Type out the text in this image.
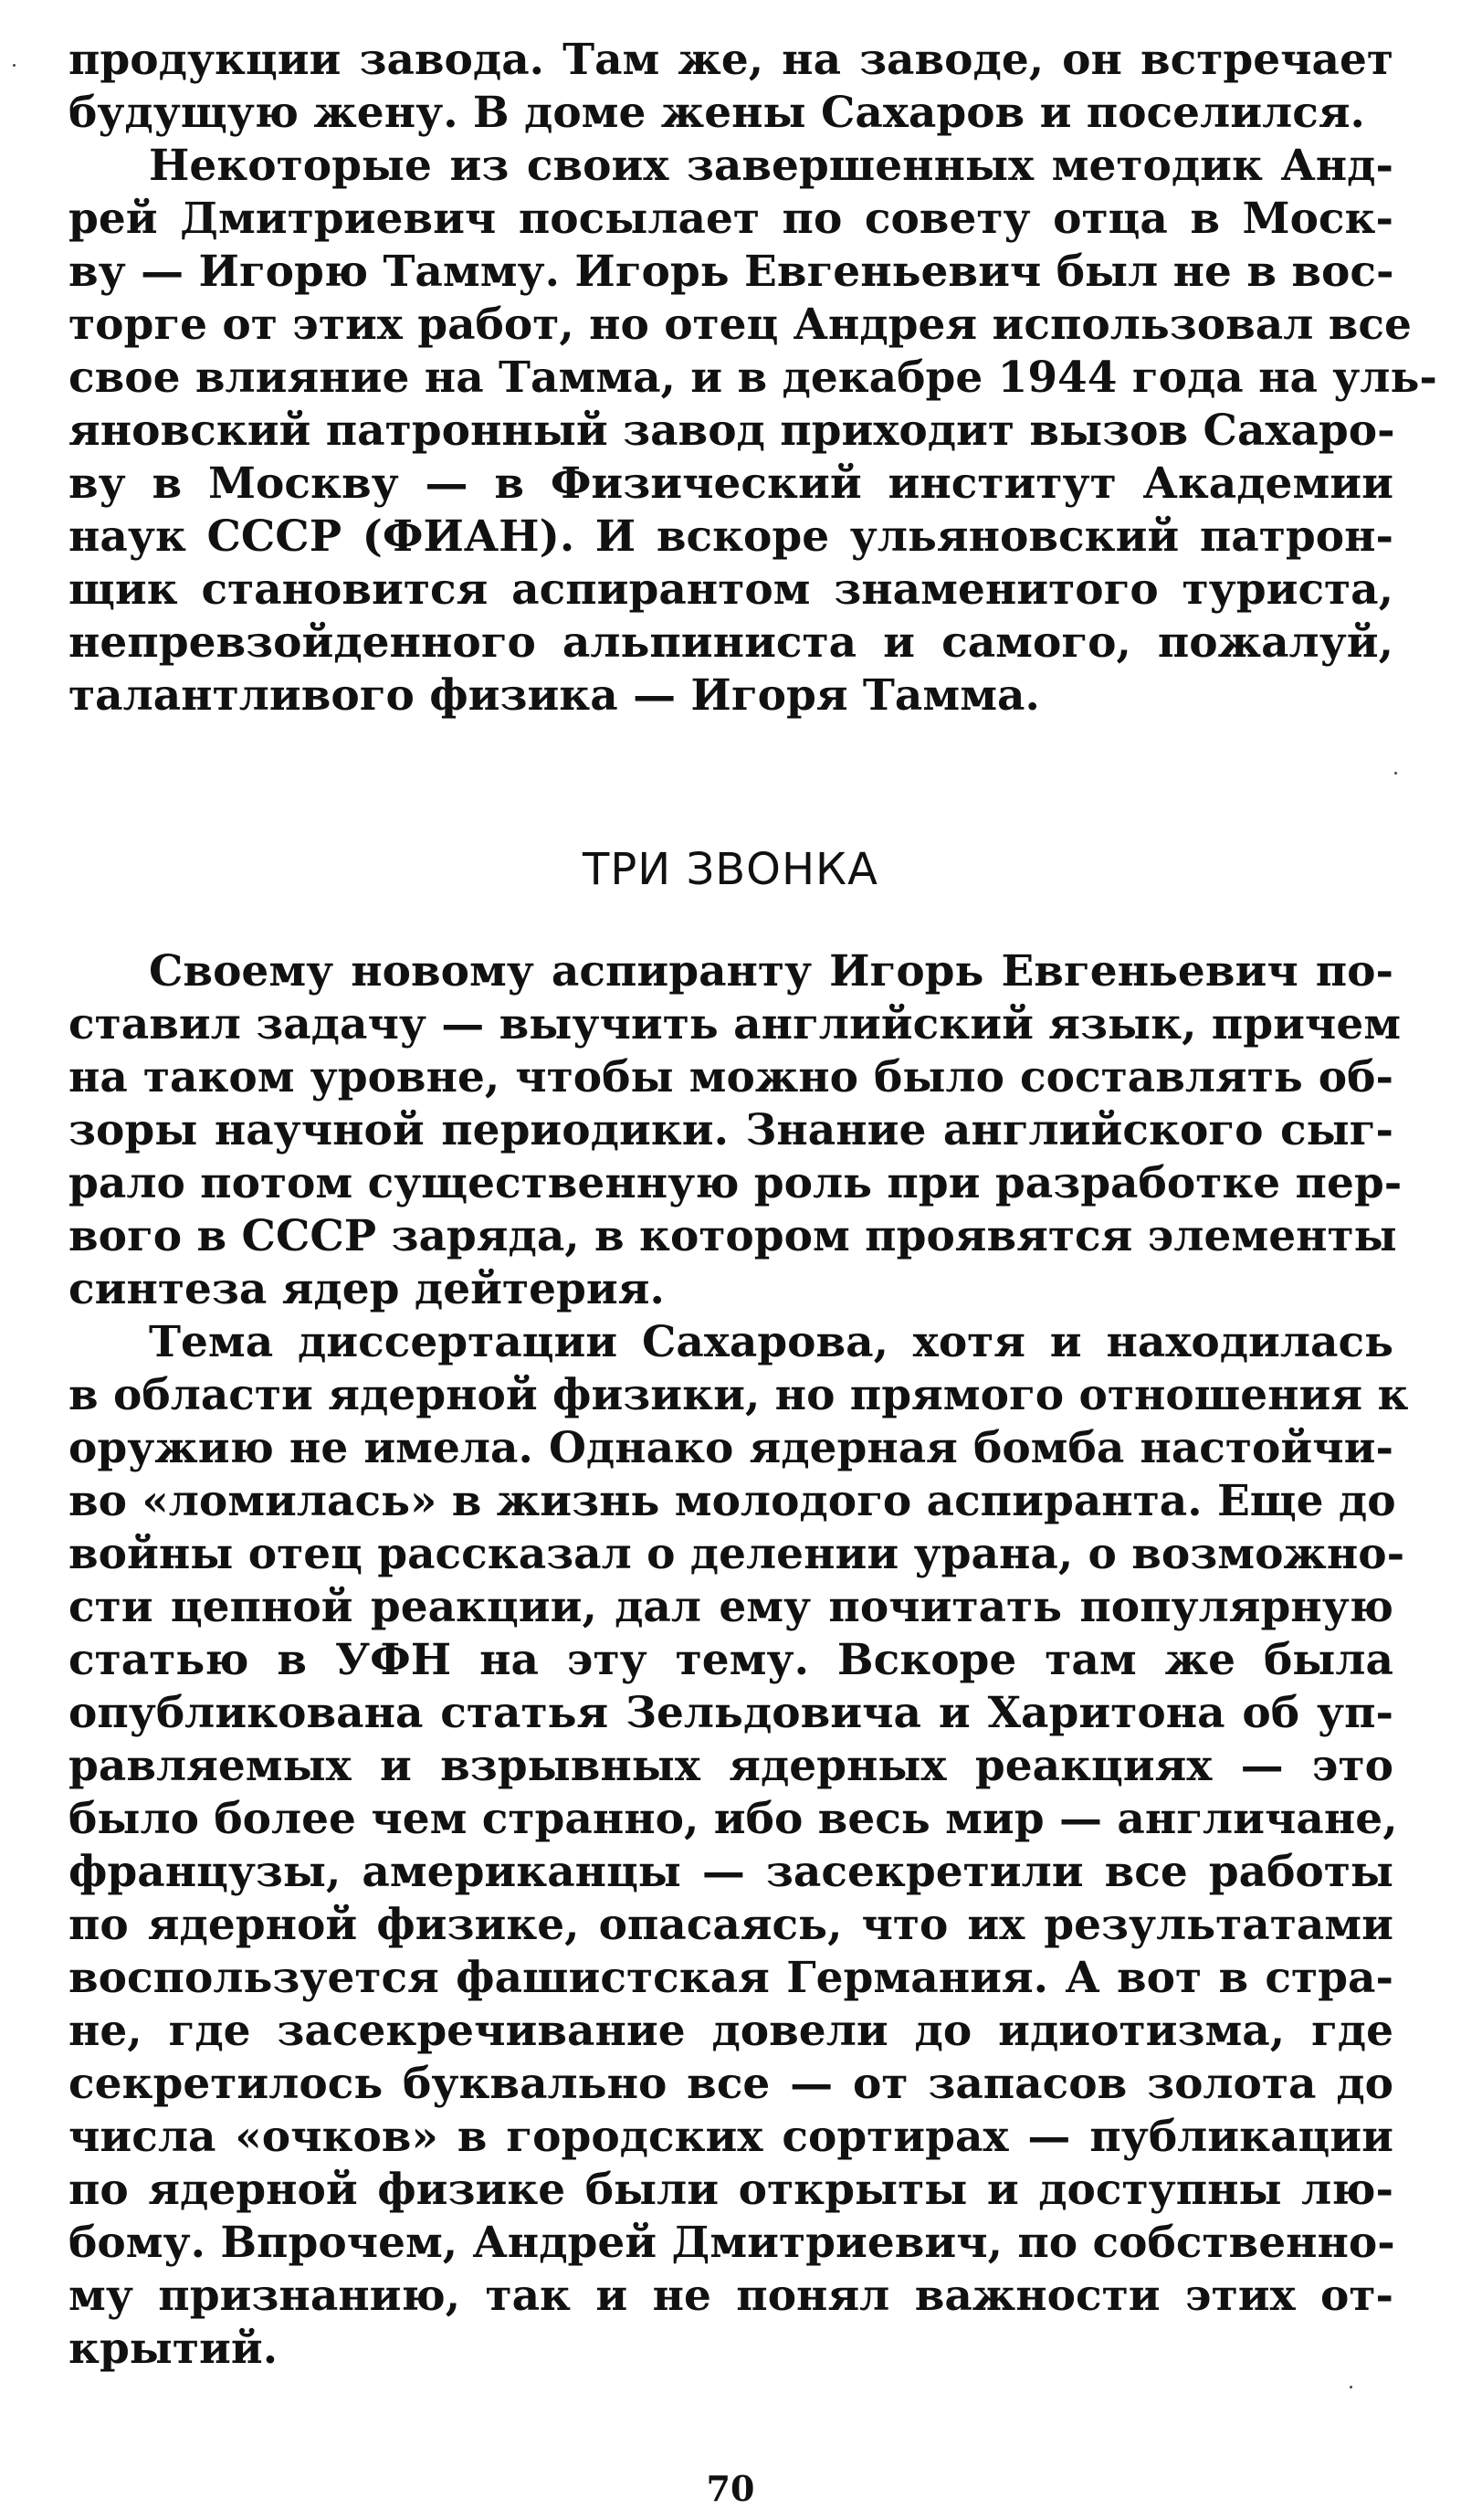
продукции завода. Там же, на заводе, он встречает
будущую жену. В доме жены Сахаров и поселился.
Некоторые из своих завершенных методик Анд-
рей Дмитриевич посылает по совету отца в Моск-
ву — Игорю Тамму. Игорь Евгеньевич был не в вос-
торге от этих работ, но отец Андрея использовал все
свое влияние на Тамма, и в декабре 1944 года на уль-
яновский патронный завод приходит вызов Сахаро-
ву в Москву — в Физический институт Академии
наук СССР (ФИАН). И вскоре ульяновский патрон-
щик становится аспирантом знаменитого туриста,
непревзойденного альпиниста и самого, пожалуй,
талантливого физика — Игоря Тамма.
ТРИ ЗВОНКА
Своему новому аспиранту Игорь Евгеньевич по-
ставил задачу — выучить английский язык, причем
на таком уровне, чтобы можно было составлять об-
зоры научной периодики. Знание английского сыг-
рало потом существенную роль при разработке пер-
вого в СССР заряда, в котором проявятся элементы
синтеза ядер дейтерия.
Тема диссертации Сахарова, хотя и находилась
в области ядерной физики, но прямого отношения к
оружию не имела. Однако ядерная бомба настойчи-
во «ломилась» в жизнь молодого аспиранта. Еще до
войны отец рассказал о делении урана, о возможно-
сти цепной реакции, дал ему почитать популярную
статью в УФН на эту тему. Вскоре там же была
опубликована статья Зельдовича и Харитона об уп-
равляемых и взрывных ядерных реакциях — это
было более чем странно, ибо весь мир — англичане,
французы, американцы — засекретили все работы
по ядерной физике, опасаясь, что их результатами
воспользуется фашистская Германия. А вот в стра-
не, где засекречивание довели до идиотизма, где
секретилось буквально все — от запасов золота до
числа «очков» в городских сортирах — публикации
по ядерной физике были открыты и доступны лю-
бому. Впрочем, Андрей Дмитриевич, по собственно-
му признанию, так и не понял важности этих от-
крытий.
70
